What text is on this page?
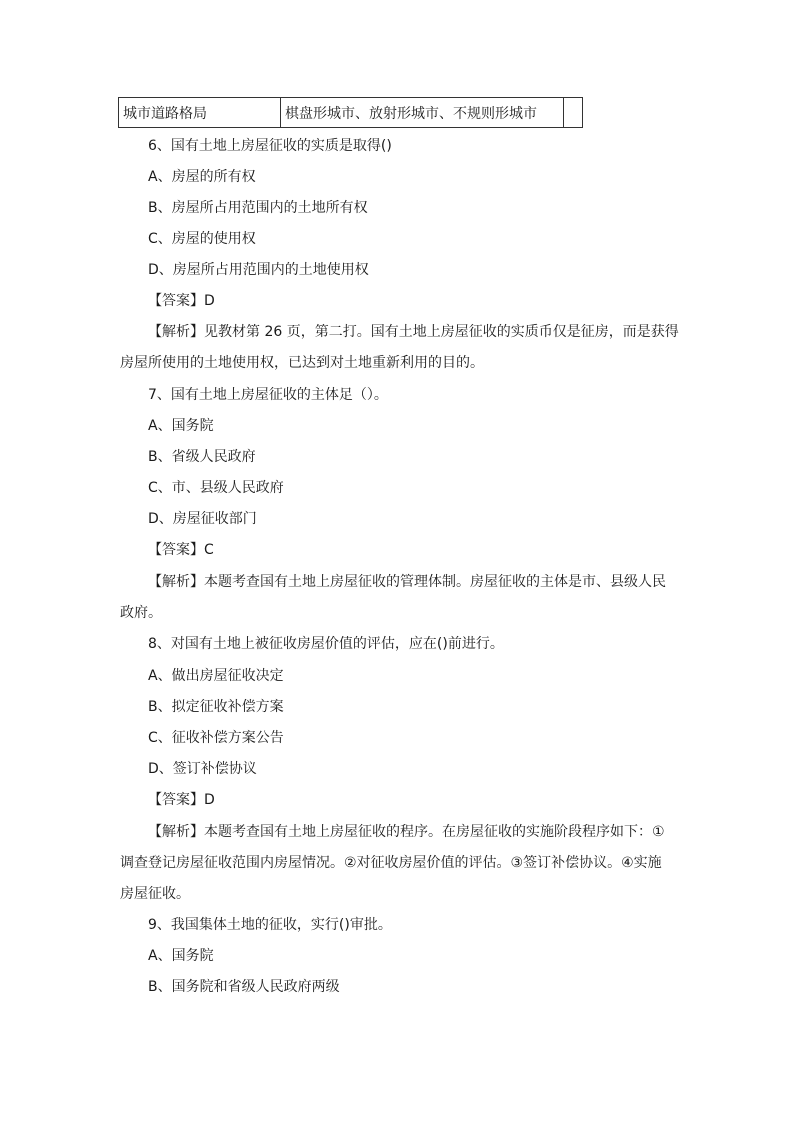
城市道路格局	棋盘形城市、放射形城市、不规则形城市	
6、国有土地上房屋征收的实质是取得()
A、房屋的所有权
B、房屋所占用范围内的土地所有权
C、房屋的使用权
D、房屋所占用范围内的土地使用权
【答案】D
【解析】见教材第 26 页，第二打。国有土地上房屋征收的实质币仅是征房，而是获得
房屋所使用的土地使用权，已达到对土地重新利用的目的。
7、国有土地上房屋征收的主体足（）。
A、国务院
B、省级人民政府
C、市、县级人民政府
D、房屋征收部门
【答案】C
【解析】本题考查国有土地上房屋征收的管理体制。房屋征收的主体是市、县级人民
政府。
8、对国有土地上被征收房屋价值的评估，应在()前进行。
A、做出房屋征收决定
B、拟定征收补偿方案
C、征收补偿方案公告
D、签订补偿协议
【答案】D
【解析】本题考查国有土地上房屋征收的程序。在房屋征收的实施阶段程序如下：①
调查登记房屋征收范围内房屋情况。②对征收房屋价值的评估。③签订补偿协议。④实施
房屋征收。
9、我国集体土地的征收，实行()审批。
A、国务院
B、国务院和省级人民政府两级
